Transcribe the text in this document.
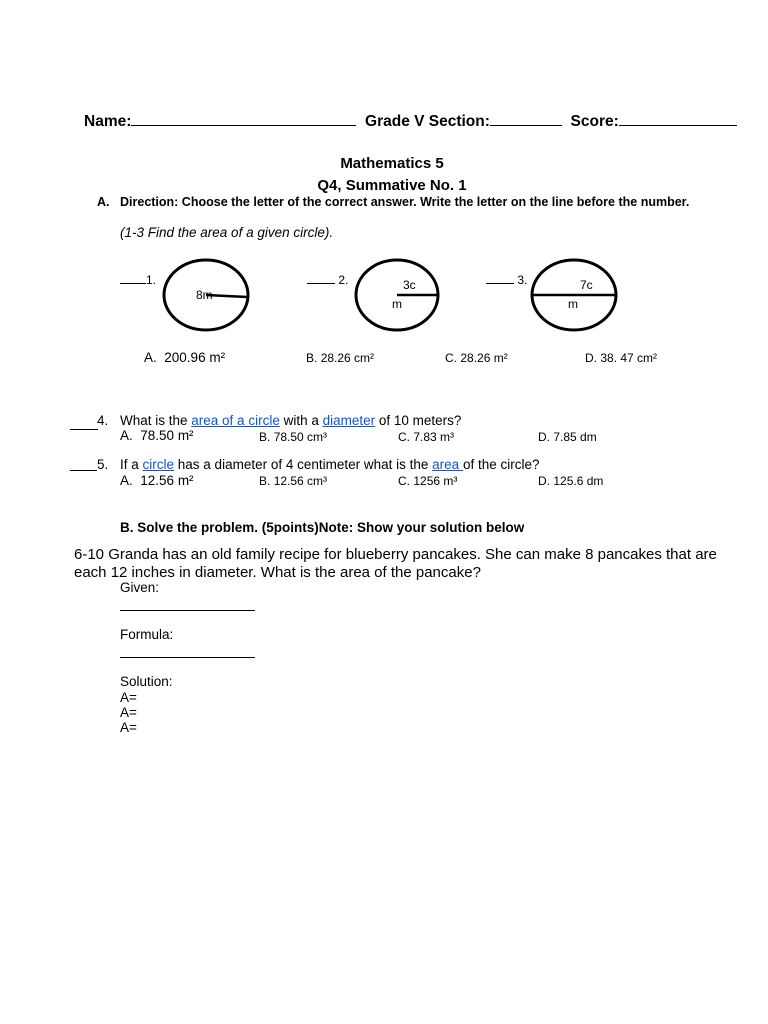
Name:	Grade V Section:	Score:
Mathematics 5
Q4, Summative No. 1
A. Direction: Choose the letter of the correct answer. Write the letter on the line before the number.
(1-3 Find the area of a given circle).
1.	2.	3.
8m
3c
m
7c
m
A. 200.96 m²	B. 28.26 cm²	C. 28.26 m²	D. 38. 47 cm²
4. What is the area of a circle with a diameter of 10 meters?
A. 78.50 m²	B. 78.50 cm³	C. 7.83 m³	D. 7.85 dm
5. If a circle has a diameter of 4 centimeter what is the area of the circle?
A. 12.56 m²	B. 12.56 cm³	C. 1256 m³	D. 125.6 dm
B. Solve the problem. (5points)Note: Show your solution below
6-10 Granda has an old family recipe for blueberry pancakes. She can make 8 pancakes that are
each 12 inches in diameter. What is the area of the pancake?
Given:
Formula:
Solution:
A=
A=
A=
